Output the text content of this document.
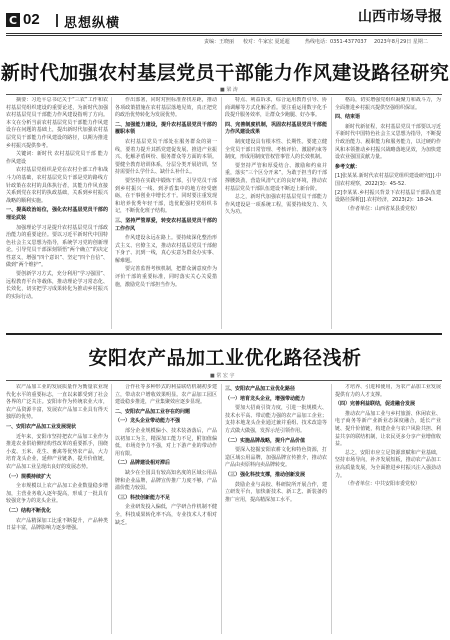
C 02 思想纵横	山西市场导报
责编：王晓丽 校对：牛家宏 夏延超	热线电话：0351-4377037 2023年8月29日 星期二
新时代加强农村基层党员干部能力作风建设路径研究
■ 梁 涛

摘要：习近平总书记关于“三农”工作和农村基层党组织建设的重要论述，为新时代加强农村基层党员干部能力作风建设指明了方向。本文在分析当前农村基层党员干部能力作风建设存在问题的基础上，提出新时代加强农村基层党员干部能力作风建设的路径，以期为推进乡村振兴提供参考。

关键词：新时代 农村基层党员干部 能力作风建设

农村基层党组织是党在农村全部工作和战斗力的基础，农村基层党员干部是党的路线方针政策在农村的具体执行者，其能力作风直接关系到党在农村的执政基础，关系到乡村振兴战略的顺利实施。

一、提高政治站位，强化农村基层党员干部的理论武装

加强理论学习是提升农村基层党员干部政治能力的重要途径。要以习近平新时代中国特色社会主义思想为指导，系统学习党的创新理论，引导党员干部深刻领悟“两个确立”的决定性意义，增强“四个意识”、坚定“四个自信”、做到“两个维护”。

要创新学习方式，充分利用“学习强国”、远程教育平台等载体，推动理论学习常态化、长效化，切实把学习成果转化为推动乡村振兴的实际行动。

作出部署，同时对照标准查找差距，推动各项政策措施在农村基层落地见效，真正把党的政治优势转化为发展优势。

二、加强能力建设，提升农村基层党员干部的履职本领

农村基层党员干部处在服务群众的第一线，要着力提升其抓党建促发展、推进产业振兴、化解矛盾纠纷、服务群众等方面的本领。要健全教育培训体系，分层分类开展培训，坚持需要什么学什么、缺什么补什么。

要坚持在实践中锻炼干部，引导党员干部到乡村振兴一线、到矛盾集中的地方经受磨砺，在干事创业中增长才干。同时要注重发现和培养优秀年轻干部，选优配强村党组织书记，不断优化班子结构。

三、坚持严管厚爱，转变农村基层党员干部的工作作风

作风建设永远在路上。要持续深化整治形式主义、官僚主义，推动农村基层党员干部俯下身子、沉到一线，真心实意为群众办实事、解难题。

要完善监督考核机制，把群众满意度作为评价干部的重要标准，同时落实关心关爱措施，激励党员干部担当作为。

特点、利益诉求，综合运用教育引导、协商调解等方式化解矛盾。要注重运用数字化手段提升服务效率，让群众少跑腿、好办事。

四、完善制度机制，巩固农村基层党员干部能力作风建设成果

制度建设具有根本性、长期性。要建立健全党员干部日常管理、考核评价、激励约束等制度，形成用制度管权管事管人的长效机制。

要坚持严管和厚爱结合、激励和约束并重，落实“三个区分开来”，为敢于担当的干部撑腰鼓劲，营造风清气正的良好环境，推动农村基层党员干部队伍建设不断迈上新台阶。

总之，新时代加强农村基层党员干部能力作风建设是一项系统工程，需要持续发力、久久为功。

格局，切实增强党组织凝聚力和战斗力，为全面推进乡村振兴提供坚强组织保证。

四、结束语

新时代新征程，农村基层党员干部要以习近平新时代中国特色社会主义思想为指导，不断提升政治能力、履职能力和服务能力，以过硬的作风和本领推动乡村振兴战略落地见效，为加快建设农业强国贡献力量。

参考文献：

[1]张某某.新时代农村基层党组织建设研究[J].中国农村观察，2022(3)：45-52.

[2]李某某.乡村振兴背景下农村基层干部队伍建设路径探析[J].农村经济，2023(2)：18-24.

（作者单位：山西省某县委党校）

安阳农产品加工业优化路径浅析
■ 常 宏 宇

农产品加工业的发展质量作为衡量农业现代化水平的重要标志，一直以来都受到了社会各界的广泛关注。安阳市作为传统农业大市，农产品资源丰富，发展农产品加工业具有得天独厚的优势。

一、安阳农产品加工业发展现状

近年来，安阳市坚持把农产品加工业作为推进农业供给侧结构性改革的重要抓手，围绕小麦、玉米、花生、畜禽等优势农产品，大力培育龙头企业，延伸产业链条，提升价值链，农产品加工业呈现出良好的发展态势。

（一）规模持续扩大

全市规模以上农产品加工企业数量稳步增加，主营业务收入逐年提高，形成了一批具有较强竞争力的龙头企业。

（二）结构不断优化

农产品精深加工比重不断提升，产品种类日益丰富，品牌影响力逐步增强。

合作社等多种形式的利益联结机制初步建立，带动农户增收效果明显。农产品加工园区建设稳步推进，产业集聚效应逐步显现。

二、安阳农产品加工业存在的问题

（一）龙头企业带动能力不强

部分企业规模偏小、技术装备落后，产品以初加工为主，精深加工能力不足，附加值偏低，市场竞争力不强，对上下游产业的带动作用有限。

（二）品牌建设相对滞后

缺少在全国具有较高知名度的区域公用品牌和企业品牌，品牌宣传推广力度不够，产品溢价能力较弱。

（三）科技创新能力不足

企业研发投入偏低，产学研合作机制不健全，科技成果转化率不高，专业技术人才相对缺乏。

三、安阳农产品加工业优化路径

（一）培育龙头企业，增强带动能力

要加大招商引资力度，引进一批规模大、技术水平高、带动能力强的农产品加工企业；支持本地龙头企业通过兼并重组、技术改造等方式做大做强，发挥示范引领作用。

（二）实施品牌战略，提升产品价值

要深入挖掘安阳农耕文化和特色资源，打造区域公用品牌，加强品牌宣传推介，推动农产品由卖原料向卖品牌转变。

（三）强化科技支撑，推动创新发展

鼓励企业与高校、科研院所开展合作，建立研发平台，加快新技术、新工艺、新装备的推广应用，提高精深加工水平。

才培养、引进和使用，为农产品加工业发展提供有力的人才支撑。

（四）完善利益联结，促进融合发展

推动农产品加工业与乡村旅游、休闲农业、电子商务等新产业新业态深度融合，延长产业链、提升价值链，构建企业与农户风险共担、利益共享的联结机制，让农民更多分享产业增值收益。

总之，安阳市应立足资源禀赋和产业基础，坚持市场导向，补齐发展短板，推动农产品加工业高质量发展，为全面推进乡村振兴注入强劲动力。

（作者单位：中共安阳市委党校）
